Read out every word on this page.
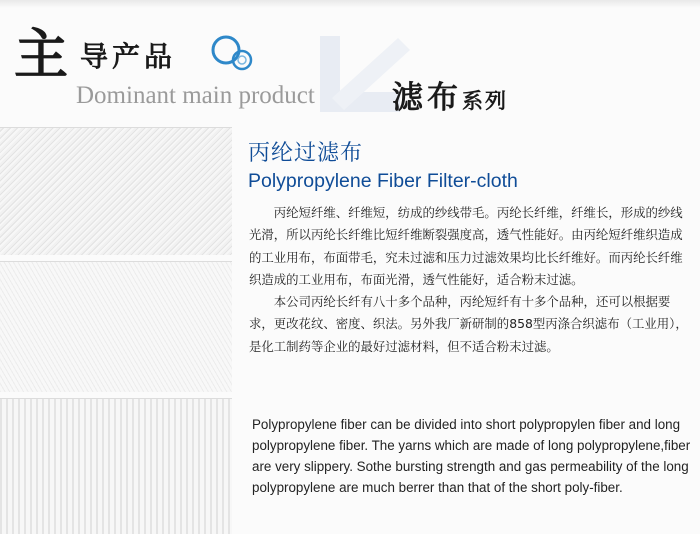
主 导产品
Dominant main product 滤布系列
丙纶过滤布
Polypropylene Fiber Filter-cloth

丙纶短纤维、纤维短，纺成的纱线带毛。丙纶长纤维，纤维长，形成的纱线光滑，所以丙纶长纤维比短纤维断裂强度高，透气性能好。由丙纶短纤维织造成的工业用布，布面带毛，究未过滤和压力过滤效果均比长纤维好。而丙纶长纤维织造成的工业用布，布面光滑，透气性能好，适合粉末过滤。

本公司丙纶长纤有八十多个品种，丙纶短纤有十多个品种，还可以根据要求，更改花纹、密度、织法。另外我厂新研制的858型丙涤合织滤布（工业用），是化工制药等企业的最好过滤材料，但不适合粉末过滤。

Polypropylene fiber can be divided into short polypropylen fiber and long polypropylene fiber. The yarns which are made of long polypropylene,fiber are very slippery. Sothe bursting strength and gas permeability of the long polypropylene are much berrer than that of the short poly-fiber.
